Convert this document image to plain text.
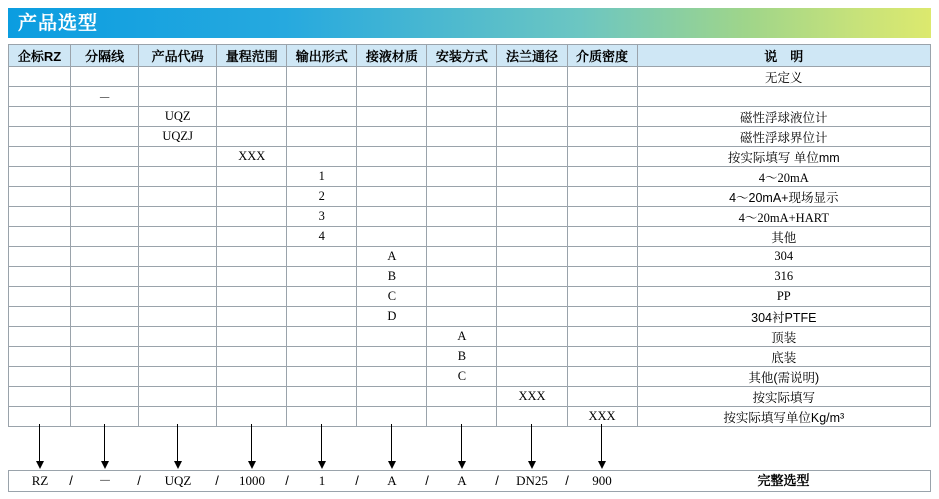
产品选型
企标RZ	分隔线	产品代码	量程范围	输出形式	接液材质	安装方式	法兰通径	介质密度	说　明
									无定义
	－								
		UQZ							磁性浮球液位计
		UQZJ							磁性浮球界位计
			XXX						按实际填写 单位mm
				1					4～20mA
				2					4～20mA+现场显示
				3					4～20mA+HART
				4					其他
					A				304
					B				316
					C				PP
					D				304衬PTFE
						A			顶装
						B			底装
						C			其他(需说明)
							XXX		按实际填写
								XXX	按实际填写单位Kg/m³
RZ	/	－	/	UQZ	/	1000	/	1	/	A	/	A	/	DN25	/	900	完整选型
